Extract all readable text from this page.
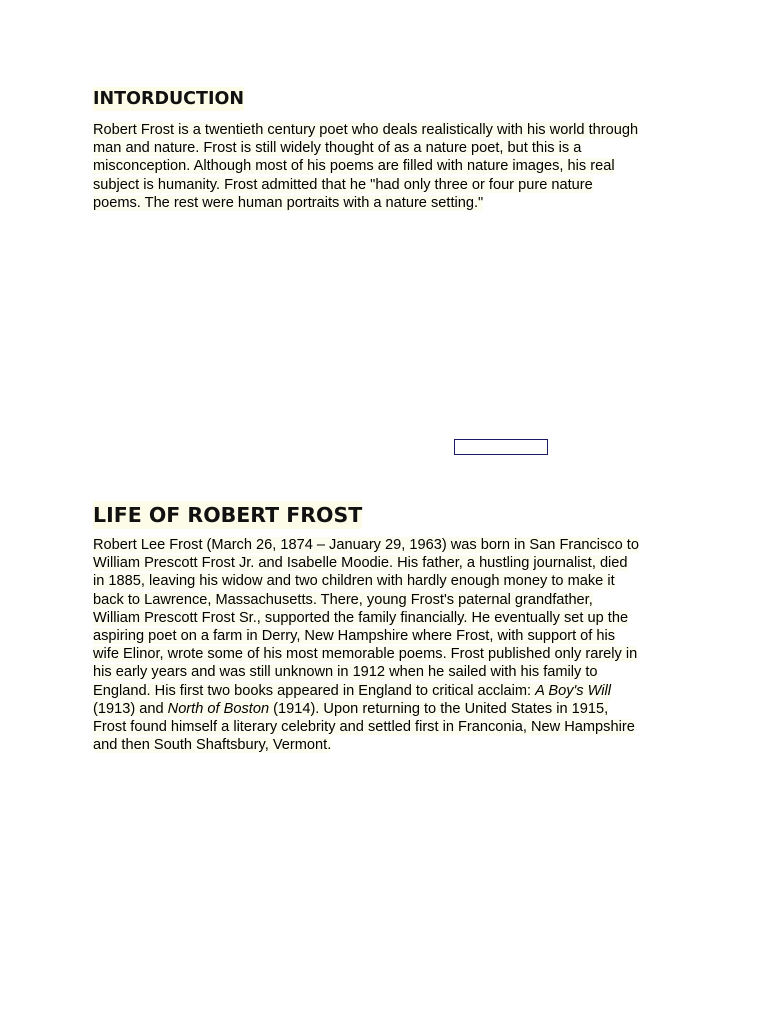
INTORDUCTION

Robert Frost is a twentieth century poet who deals realistically with his world through
man and nature. Frost is still widely thought of as a nature poet, but this is a
misconception. Although most of his poems are filled with nature images, his real
subject is humanity. Frost admitted that he "had only three or four pure nature
poems. The rest were human portraits with a nature setting."

LIFE OF ROBERT FROST

Robert Lee Frost (March 26, 1874 – January 29, 1963) was born in San Francisco to
William Prescott Frost Jr. and Isabelle Moodie. His father, a hustling journalist, died
in 1885, leaving his widow and two children with hardly enough money to make it
back to Lawrence, Massachusetts. There, young Frost's paternal grandfather,
William Prescott Frost Sr., supported the family financially. He eventually set up the
aspiring poet on a farm in Derry, New Hampshire where Frost, with support of his
wife Elinor, wrote some of his most memorable poems. Frost published only rarely in
his early years and was still unknown in 1912 when he sailed with his family to
England. His first two books appeared in England to critical acclaim: A Boy's Will
(1913) and North of Boston (1914). Upon returning to the United States in 1915,
Frost found himself a literary celebrity and settled first in Franconia, New Hampshire
and then South Shaftsbury, Vermont.
